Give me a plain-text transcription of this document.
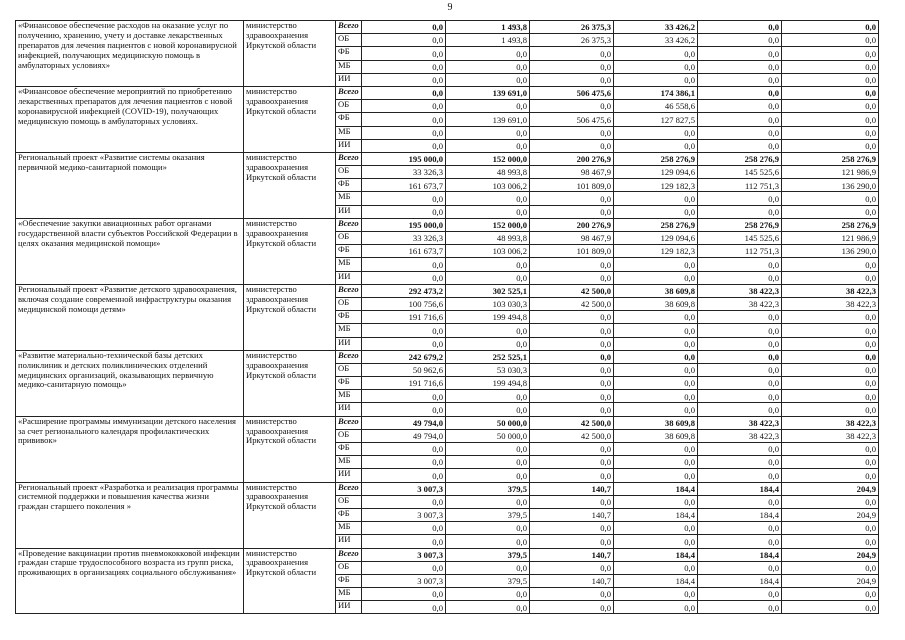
9
«Финансовое обеспечение расходов на оказание услуг по получению, хранению, учету и доставке лекарственных препаратов для лечения пациентов с новой коронавирусной инфекцией, получающих медицинскую помощь в амбулаторных условиях»	министерство здравоохранения Иркутской области	Всего	0,0	1 493,8	26 375,3	33 426,2	0,0	0,0
		ОБ	0,0	1 493,8	26 375,3	33 426,2	0,0	0,0
		ФБ	0,0	0,0	0,0	0,0	0,0	0,0
		МБ	0,0	0,0	0,0	0,0	0,0	0,0
		ИИ	0,0	0,0	0,0	0,0	0,0	0,0
«Финансовое обеспечение мероприятий по приобретению лекарственных препаратов для лечения пациентов с новой коронавирусной инфекцией (COVID-19), получающих медицинскую помощь в амбулаторных условиях.	министерство здравоохранения Иркутской области	Всего	0,0	139 691,0	506 475,6	174 386,1	0,0	0,0
		ОБ	0,0	0,0	0,0	46 558,6	0,0	0,0
		ФБ	0,0	139 691,0	506 475,6	127 827,5	0,0	0,0
		МБ	0,0	0,0	0,0	0,0	0,0	0,0
		ИИ	0,0	0,0	0,0	0,0	0,0	0,0
Региональный проект «Развитие системы оказания первичной медико-санитарной помощи»	министерство здравоохранения Иркутской области	Всего	195 000,0	152 000,0	200 276,9	258 276,9	258 276,9	258 276,9
		ОБ	33 326,3	48 993,8	98 467,9	129 094,6	145 525,6	121 986,9
		ФБ	161 673,7	103 006,2	101 809,0	129 182,3	112 751,3	136 290,0
		МБ	0,0	0,0	0,0	0,0	0,0	0,0
		ИИ	0,0	0,0	0,0	0,0	0,0	0,0
«Обеспечение закупки авиационных работ органами государственной власти субъектов Российской Федерации в целях оказания медицинской помощи»	министерство здравоохранения Иркутской области	Всего	195 000,0	152 000,0	200 276,9	258 276,9	258 276,9	258 276,9
		ОБ	33 326,3	48 993,8	98 467,9	129 094,6	145 525,6	121 986,9
		ФБ	161 673,7	103 006,2	101 809,0	129 182,3	112 751,3	136 290,0
		МБ	0,0	0,0	0,0	0,0	0,0	0,0
		ИИ	0,0	0,0	0,0	0,0	0,0	0,0
Региональный проект «Развитие детского здравоохранения, включая создание современной инфраструктуры оказания медицинской помощи детям»	министерство здравоохранения Иркутской области	Всего	292 473,2	302 525,1	42 500,0	38 609,8	38 422,3	38 422,3
		ОБ	100 756,6	103 030,3	42 500,0	38 609,8	38 422,3	38 422,3
		ФБ	191 716,6	199 494,8	0,0	0,0	0,0	0,0
		МБ	0,0	0,0	0,0	0,0	0,0	0,0
		ИИ	0,0	0,0	0,0	0,0	0,0	0,0
«Развитие материально-технической базы детских поликлиник и детских поликлинических отделений медицинских организаций, оказывающих первичную медико-санитарную помощь»	министерство здравоохранения Иркутской области	Всего	242 679,2	252 525,1	0,0	0,0	0,0	0,0
		ОБ	50 962,6	53 030,3	0,0	0,0	0,0	0,0
		ФБ	191 716,6	199 494,8	0,0	0,0	0,0	0,0
		МБ	0,0	0,0	0,0	0,0	0,0	0,0
		ИИ	0,0	0,0	0,0	0,0	0,0	0,0
«Расширение программы иммунизации детского населения за счет регионального календаря профилактических прививок»	министерство здравоохранения Иркутской области	Всего	49 794,0	50 000,0	42 500,0	38 609,8	38 422,3	38 422,3
		ОБ	49 794,0	50 000,0	42 500,0	38 609,8	38 422,3	38 422,3
		ФБ	0,0	0,0	0,0	0,0	0,0	0,0
		МБ	0,0	0,0	0,0	0,0	0,0	0,0
		ИИ	0,0	0,0	0,0	0,0	0,0	0,0
Региональный проект «Разработка и реализация программы системной поддержки и повышения качества жизни граждан старшего поколения »	министерство здравоохранения Иркутской области	Всего	3 007,3	379,5	140,7	184,4	184,4	204,9
		ОБ	0,0	0,0	0,0	0,0	0,0	0,0
		ФБ	3 007,3	379,5	140,7	184,4	184,4	204,9
		МБ	0,0	0,0	0,0	0,0	0,0	0,0
		ИИ	0,0	0,0	0,0	0,0	0,0	0,0
«Проведение вакцинации против пневмококковой инфекции граждан старше трудоспособного возраста из групп риска, проживающих в организациях социального обслуживания»	министерство здравоохранения Иркутской области	Всего	3 007,3	379,5	140,7	184,4	184,4	204,9
		ОБ	0,0	0,0	0,0	0,0	0,0	0,0
		ФБ	3 007,3	379,5	140,7	184,4	184,4	204,9
		МБ	0,0	0,0	0,0	0,0	0,0	0,0
		ИИ	0,0	0,0	0,0	0,0	0,0	0,0
